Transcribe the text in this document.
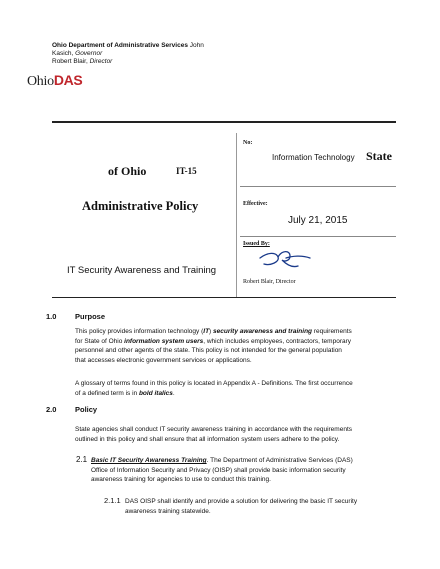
Ohio Department of Administrative Services John
Kasich, Governor
Robert Blair, Director
OhioDAS
of Ohio	IT-15
Administrative Policy
IT Security Awareness and Training
No:
Information Technology State
Effective:
July 21, 2015
Issued By:
Robert Blair, Director
1.0 Purpose
This policy provides information technology (IT) security awareness and training requirements
for State of Ohio information system users, which includes employees, contractors, temporary
personnel and other agents of the state. This policy is not intended for the general population
that accesses electronic government services or applications.
A glossary of terms found in this policy is located in Appendix A - Definitions. The first occurrence
of a defined term is in bold italics.
2.0 Policy
State agencies shall conduct IT security awareness training in accordance with the requirements
outlined in this policy and shall ensure that all information system users adhere to the policy.
2.1 Basic IT Security Awareness Training. The Department of Administrative Services (DAS)
Office of Information Security and Privacy (OISP) shall provide basic information security
awareness training for agencies to use to conduct this training.
2.1.1 DAS OISP shall identify and provide a solution for delivering the basic IT security
awareness training statewide.
